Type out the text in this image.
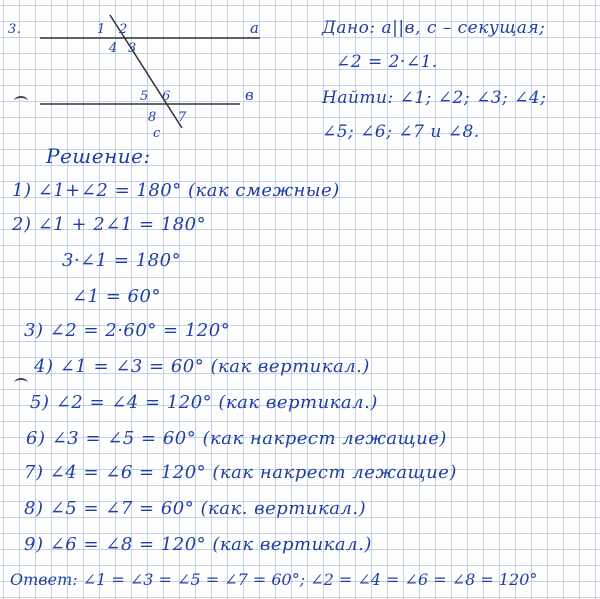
3.	a
в
c
1 2
4 3
5 6
8 7
Дано: а||в, с – секущая;
∠2 = 2·∠1.
Найти: ∠1; ∠2; ∠3; ∠4;
∠5; ∠6; ∠7 и ∠8.
Решение:
1) ∠1+∠2 = 180° (как смежные)
2) ∠1 + 2∠1 = 180°
3·∠1 = 180°
∠1 = 60°
3) ∠2 = 2·60° = 120°
4) ∠1 = ∠3 = 60° (как вертикал.)
5) ∠2 = ∠4 = 120° (как вертикал.)
6) ∠3 = ∠5 = 60° (как накрест лежащие)
7) ∠4 = ∠6 = 120° (как накрест лежащие)
8) ∠5 = ∠7 = 60° (как. вертикал.)
9) ∠6 = ∠8 = 120° (как вертикал.)
Ответ: ∠1 = ∠3 = ∠5 = ∠7 = 60°; ∠2 = ∠4 = ∠6 = ∠8 = 120°
